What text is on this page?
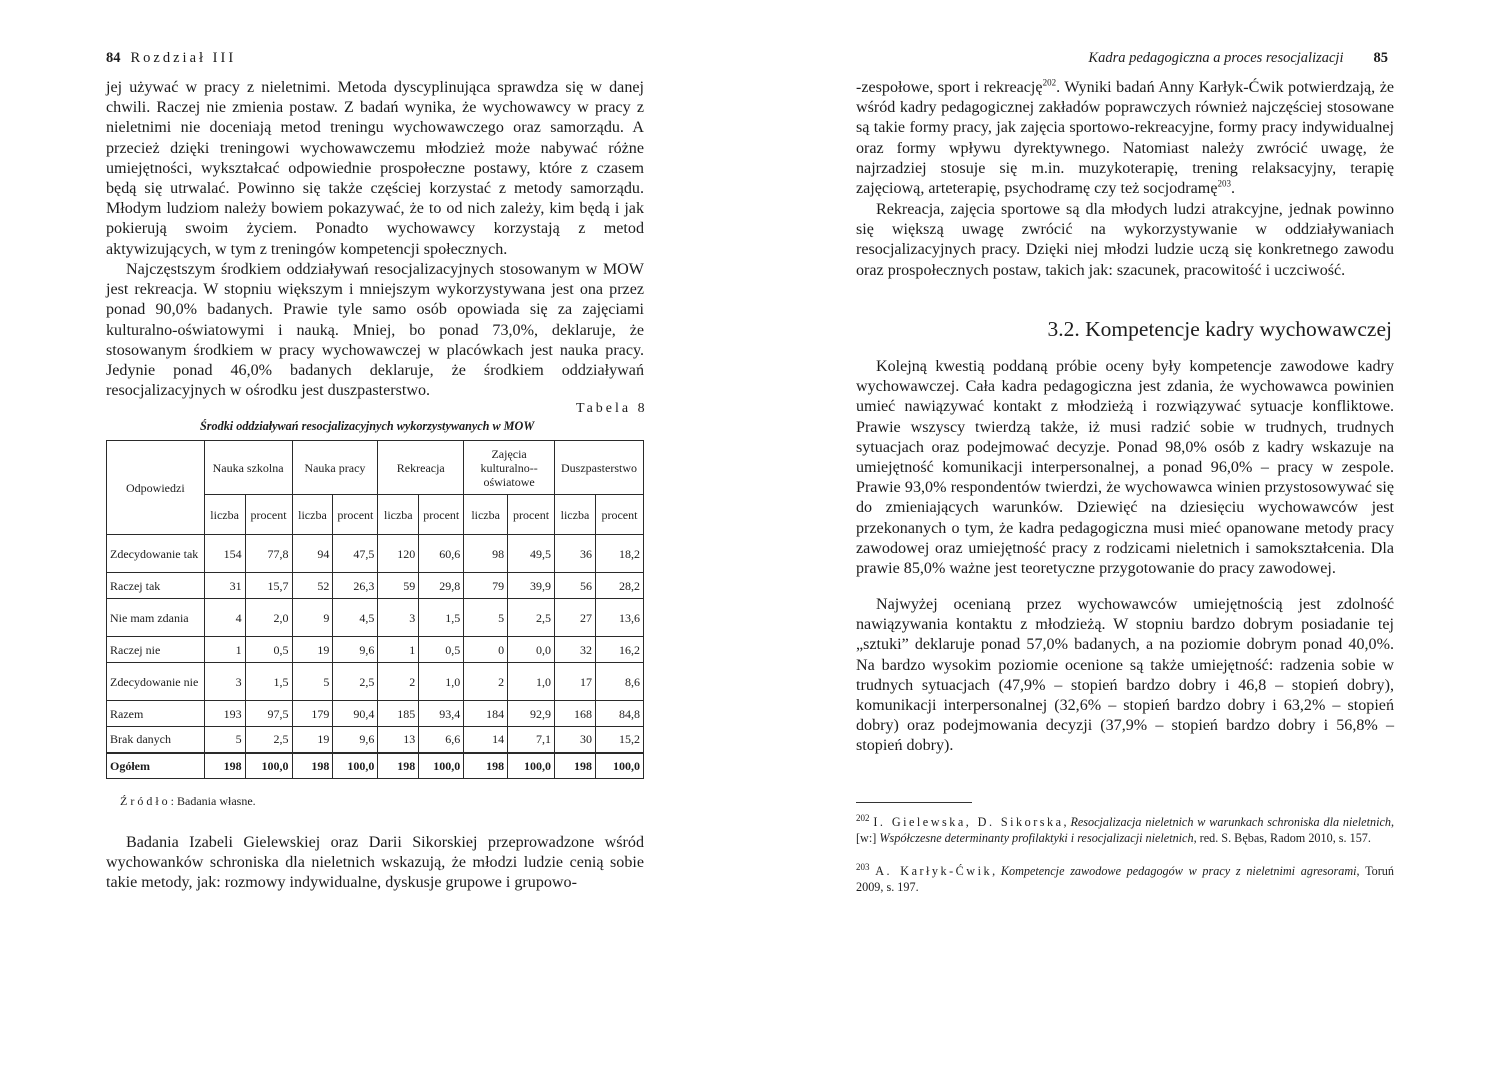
84 Rozdział III

jej używać w pracy z nieletnimi. Metoda dyscyplinująca sprawdza się w danej chwili. Raczej nie zmienia postaw. Z badań wynika, że wychowawcy w pracy z nieletnimi nie doceniają metod treningu wychowawczego oraz samorządu. A przecież dzięki treningowi wychowawczemu młodzież może nabywać różne umiejętności, wykształcać odpowiednie prospołeczne postawy, które z czasem będą się utrwalać. Powinno się także częściej korzystać z metody samorządu. Młodym ludziom należy bowiem pokazywać, że to od nich zależy, kim będą i jak pokierują swoim życiem. Ponadto wychowawcy korzystają z metod aktywizujących, w tym z treningów kompetencji społecznych.

Najczęstszym środkiem oddziaływań resocjalizacyjnych stosowanym w MOW jest rekreacja. W stopniu większym i mniejszym wykorzystywana jest ona przez ponad 90,0% badanych. Prawie tyle samo osób opowiada się za zajęciami kulturalno-oświatowymi i nauką. Mniej, bo ponad 73,0%, deklaruje, że stosowanym środkiem w pracy wychowawczej w placówkach jest nauka pracy. Jedynie ponad 46,0% badanych deklaruje, że środkiem oddziaływań resocjalizacyjnych w ośrodku jest duszpasterstwo.

Tabela 8
Środki oddziaływań resocjalizacyjnych wykorzystywanych w MOW
Odpowiedzi	Nauka szkolna		Nauka pracy		Rekreacja		Zajęcia kulturalno--oświatowe		Duszpasterstwo	
	liczba	procent	liczba	procent	liczba	procent	liczba	procent	liczba	procent
Zdecydowanie tak	154	77,8	94	47,5	120	60,6	98	49,5	36	18,2
Raczej tak	31	15,7	52	26,3	59	29,8	79	39,9	56	28,2
Nie mam zdania	4	2,0	9	4,5	3	1,5	5	2,5	27	13,6
Raczej nie	1	0,5	19	9,6	1	0,5	0	0,0	32	16,2
Zdecydowanie nie	3	1,5	5	2,5	2	1,0	2	1,0	17	8,6
Razem	193	97,5	179	90,4	185	93,4	184	92,9	168	84,8
Brak danych	5	2,5	19	9,6	13	6,6	14	7,1	30	15,2
Ogółem	198	100,0	198	100,0	198	100,0	198	100,0	198	100,0
Źródło: Badania własne.

Badania Izabeli Gielewskiej oraz Darii Sikorskiej przeprowadzone wśród wychowanków schroniska dla nieletnich wskazują, że młodzi ludzie cenią sobie takie metody, jak: rozmowy indywidualne, dyskusje grupowe i grupowo-

Kadra pedagogiczna a proces resocjalizacji 85

-zespołowe, sport i rekreację$^{202}$. Wyniki badań Anny Karłyk-Ćwik potwierdzają, że wśród kadry pedagogicznej zakładów poprawczych również najczęściej stosowane są takie formy pracy, jak zajęcia sportowo-rekreacyjne, formy pracy indywidualnej oraz formy wpływu dyrektywnego. Natomiast należy zwrócić uwagę, że najrzadziej stosuje się m.in. muzykoterapię, trening relaksacyjny, terapię zajęciową, arteterapię, psychodramę czy też socjodramę$^{203}$.

Rekreacja, zajęcia sportowe są dla młodych ludzi atrakcyjne, jednak powinno się większą uwagę zwrócić na wykorzystywanie w oddziaływaniach resocjalizacyjnych pracy. Dzięki niej młodzi ludzie uczą się konkretnego zawodu oraz prospołecznych postaw, takich jak: szacunek, pracowitość i uczciwość.

3.2. Kompetencje kadry wychowawczej

Kolejną kwestią poddaną próbie oceny były kompetencje zawodowe kadry wychowawczej. Cała kadra pedagogiczna jest zdania, że wychowawca powinien umieć nawiązywać kontakt z młodzieżą i rozwiązywać sytuacje konfliktowe. Prawie wszyscy twierdzą także, iż musi radzić sobie w trudnych, trudnych sytuacjach oraz podejmować decyzje. Ponad 98,0% osób z kadry wskazuje na umiejętność komunikacji interpersonalnej, a ponad 96,0% – pracy w zespole. Prawie 93,0% respondentów twierdzi, że wychowawca winien przystosowywać się do zmieniających warunków. Dziewięć na dziesięciu wychowawców jest przekonanych o tym, że kadra pedagogiczna musi mieć opanowane metody pracy zawodowej oraz umiejętność pracy z rodzicami nieletnich i samokształcenia. Dla prawie 85,0% ważne jest teoretyczne przygotowanie do pracy zawodowej.

Najwyżej ocenianą przez wychowawców umiejętnością jest zdolność nawiązywania kontaktu z młodzieżą. W stopniu bardzo dobrym posiadanie tej „sztuki” deklaruje ponad 57,0% badanych, a na poziomie dobrym ponad 40,0%. Na bardzo wysokim poziomie ocenione są także umiejętność: radzenia sobie w trudnych sytuacjach (47,9% – stopień bardzo dobry i 46,8 – stopień dobry), komunikacji interpersonalnej (32,6% – stopień bardzo dobry i 63,2% – stopień dobry) oraz podejmowania decyzji (37,9% – stopień bardzo dobry i 56,8% – stopień dobry).

$^{202}$ I. Gielewska, D. Sikorska, Resocjalizacja nieletnich w warunkach schroniska dla nieletnich, [w:] Współczesne determinanty profilaktyki i resocjalizacji nieletnich, red. S. Bębas, Radom 2010, s. 157.

$^{203}$ A. Karłyk-Ćwik, Kompetencje zawodowe pedagogów w pracy z nieletnimi agresorami, Toruń 2009, s. 197.
